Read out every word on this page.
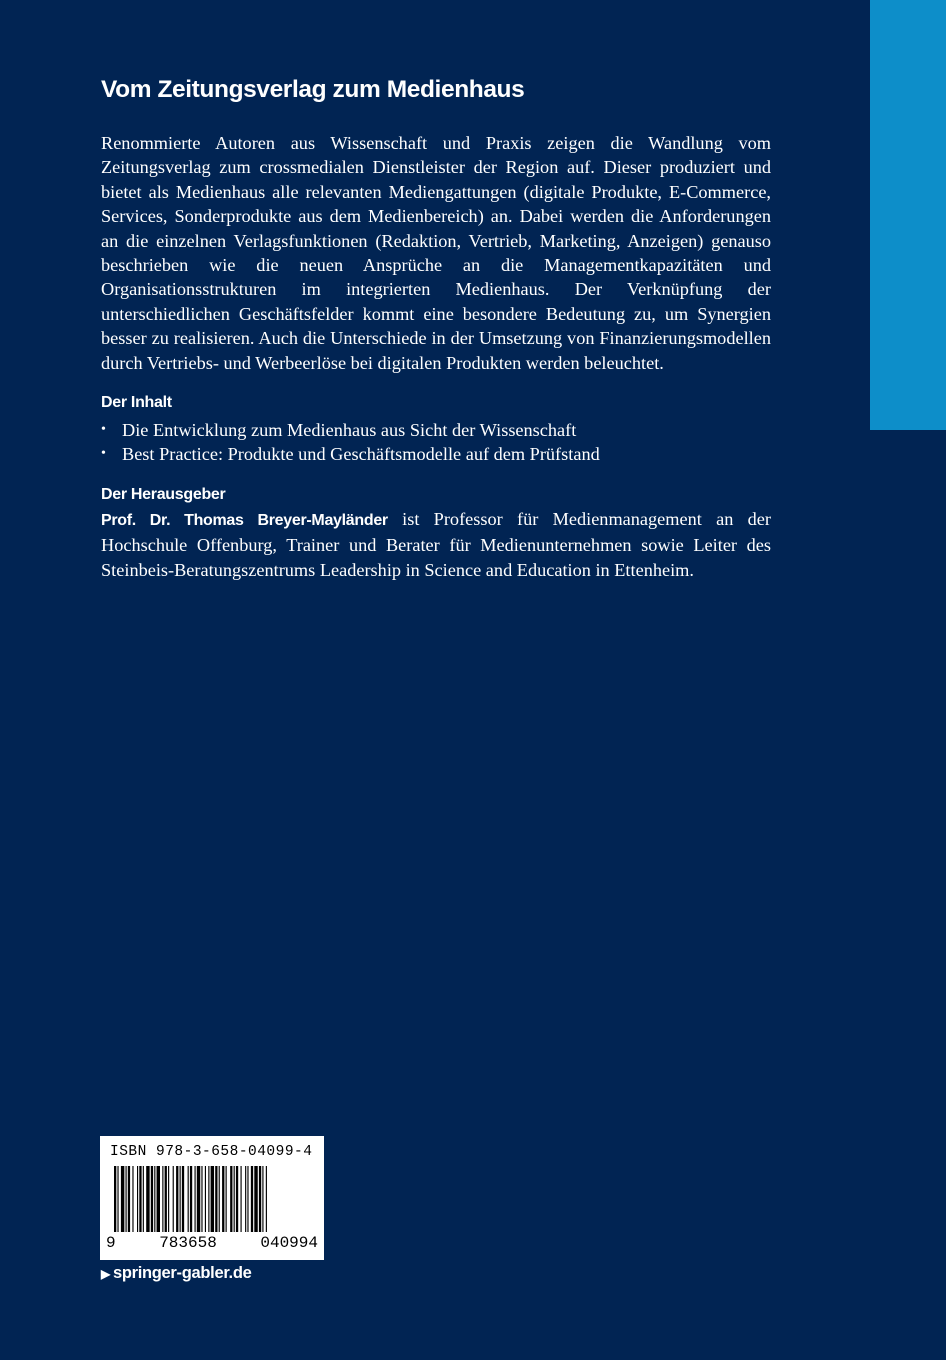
Vom Zeitungsverlag zum Medienhaus

Renommierte Autoren aus Wissenschaft und Praxis zeigen die Wandlung vom Zeitungsverlag zum crossmedialen Dienstleister der Region auf. Dieser produziert und bietet als Medienhaus alle relevanten Mediengattungen (digitale Produkte, E-Commerce, Services, Sonderprodukte aus dem Medienbereich) an. Dabei werden die Anforderungen an die einzelnen Verlagsfunktionen (Redaktion, Vertrieb, Marketing, Anzeigen) genauso beschrieben wie die neuen Ansprüche an die Managementkapazitäten und Organisationsstrukturen im integrierten Medienhaus. Der Verknüpfung der unterschiedlichen Geschäftsfelder kommt eine besondere Bedeutung zu, um Synergien besser zu realisieren. Auch die Unterschiede in der Umsetzung von Finanzierungsmodellen durch Vertriebs- und Werbeerlöse bei digitalen Produkten werden beleuchtet.

Der Inhalt
• Die Entwicklung zum Medienhaus aus Sicht der Wissenschaft
• Best Practice: Produkte und Geschäftsmodelle auf dem Prüfstand
Der Herausgeber

Prof. Dr. Thomas Breyer-Mayländer ist Professor für Medienmanagement an der Hochschule Offenburg, Trainer und Berater für Medienunternehmen sowie Leiter des Steinbeis-Beratungszentrums Leadership in Science and Education in Ettenheim.

ISBN 978-3-658-04099-4
9	783658	040994
▶ springer-gabler.de
